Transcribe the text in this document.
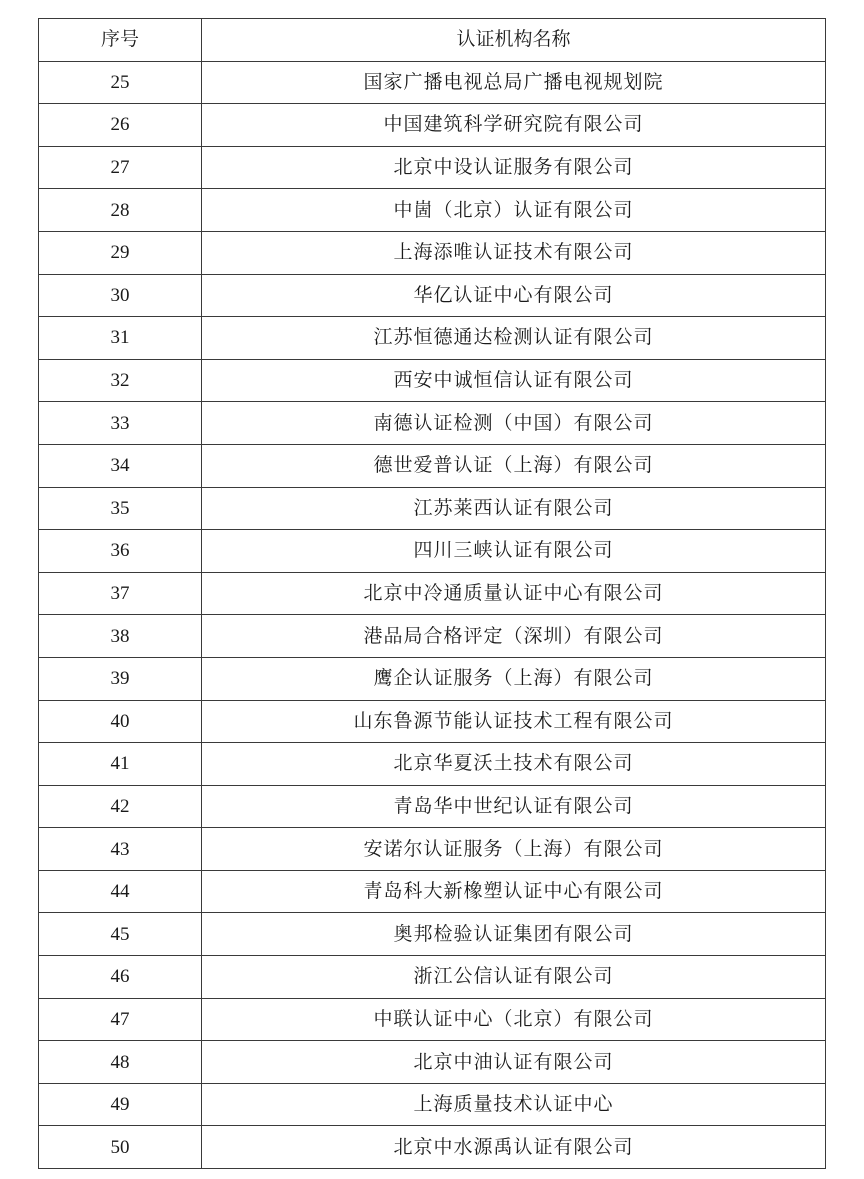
序号	认证机构名称
25	国家广播电视总局广播电视规划院
26	中国建筑科学研究院有限公司
27	北京中设认证服务有限公司
28	中崮（北京）认证有限公司
29	上海添唯认证技术有限公司
30	华亿认证中心有限公司
31	江苏恒德通达检测认证有限公司
32	西安中诚恒信认证有限公司
33	南德认证检测（中国）有限公司
34	德世爱普认证（上海）有限公司
35	江苏莱西认证有限公司
36	四川三峡认证有限公司
37	北京中冷通质量认证中心有限公司
38	港品局合格评定（深圳）有限公司
39	鹰企认证服务（上海）有限公司
40	山东鲁源节能认证技术工程有限公司
41	北京华夏沃土技术有限公司
42	青岛华中世纪认证有限公司
43	安诺尔认证服务（上海）有限公司
44	青岛科大新橡塑认证中心有限公司
45	奥邦检验认证集团有限公司
46	浙江公信认证有限公司
47	中联认证中心（北京）有限公司
48	北京中油认证有限公司
49	上海质量技术认证中心
50	北京中水源禹认证有限公司
